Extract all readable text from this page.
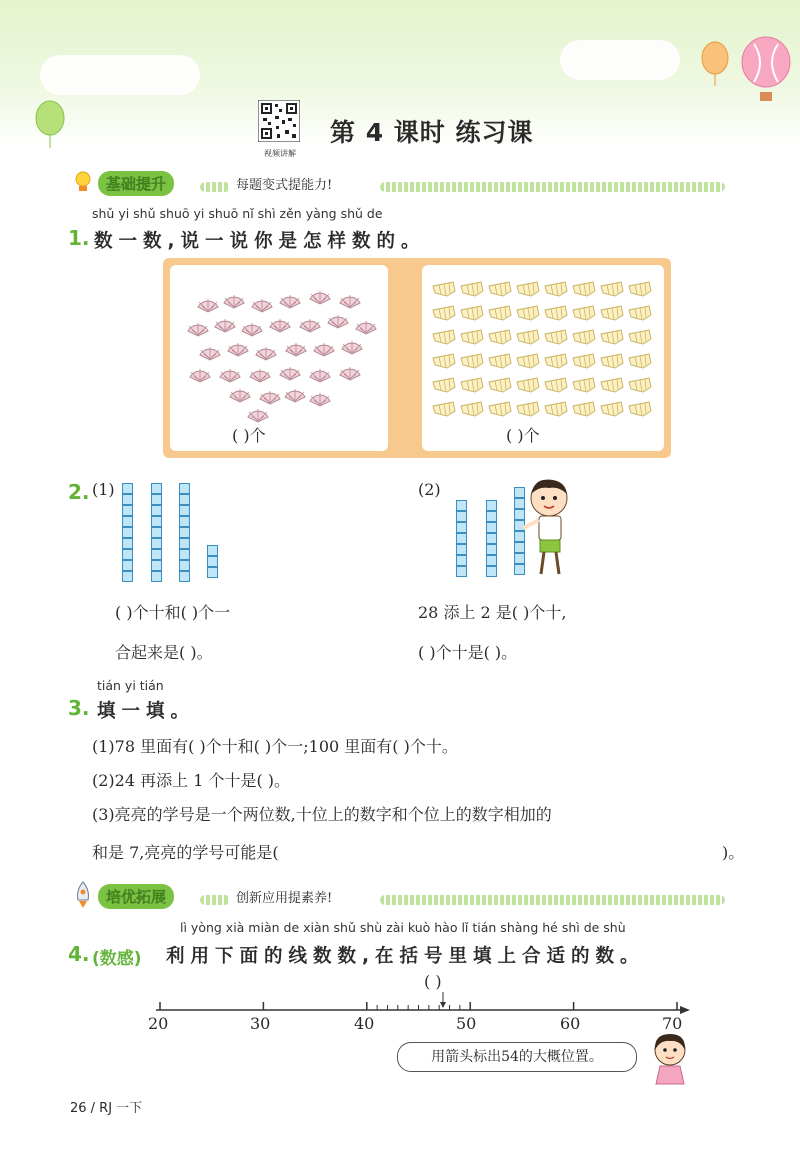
视频讲解
第 4 课时 练习课
基础提升	每题变式提能力!
shǔ yi shǔ shuō yi shuō nǐ shì zěn yàng shǔ de
1. 数一数,说一说你是怎样数的。
( )个	( )个
2. (1)
( )个十和( )个一
合起来是( )。
(2)
28 添上 2 是( )个十,
( )个十是( )。
tián yi tián
3. 填一填。
(1)78 里面有( )个十和( )个一;100 里面有( )个十。
(2)24 再添上 1 个十是( )。
(3)亮亮的学号是一个两位数,十位上的数字和个位上的数字相加的
和是 7,亮亮的学号可能是(	)。
培优拓展	创新应用提素养!
lì yòng xià miàn de xiàn shǔ shù zài kuò hào lǐ tián shàng hé shì de shù
4. (数感) 利用下面的线数数,在括号里填上合适的数。
( )
20	30	40	50	60	70
用箭头标出54的大概位置。
26 / RJ 一下
